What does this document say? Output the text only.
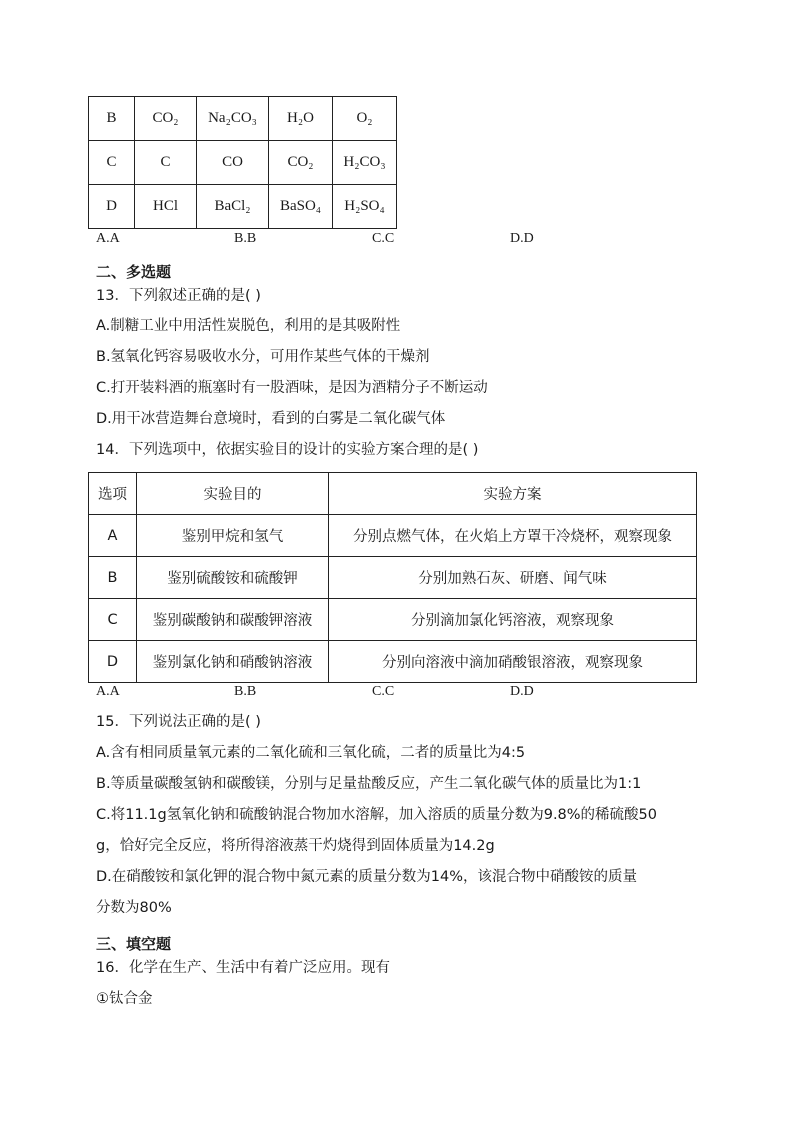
B	CO₂	Na₂CO₃	H₂O	O₂
C	C	CO	CO₂	H₂CO₃
D	HCl	BaCl₂	BaSO₄	H₂SO₄
A.A	B.B	C.C	D.D
二、多选题
13．下列叙述正确的是( )
A.制糖工业中用活性炭脱色，利用的是其吸附性
B.氢氧化钙容易吸收水分，可用作某些气体的干燥剂
C.打开装料酒的瓶塞时有一股酒味，是因为酒精分子不断运动
D.用干冰营造舞台意境时，看到的白雾是二氧化碳气体
14．下列选项中，依据实验目的设计的实验方案合理的是( )
选项	实验目的	实验方案
A	鉴别甲烷和氢气	分别点燃气体，在火焰上方罩干冷烧杯，观察现象
B	鉴别硫酸铵和硫酸钾	分别加熟石灰、研磨、闻气味
C	鉴别碳酸钠和碳酸钾溶液	分别滴加氯化钙溶液，观察现象
D	鉴别氯化钠和硝酸钠溶液	分别向溶液中滴加硝酸银溶液，观察现象
A.A	B.B	C.C	D.D
15．下列说法正确的是( )
A.含有相同质量氧元素的二氧化硫和三氧化硫，二者的质量比为4:5
B.等质量碳酸氢钠和碳酸镁，分别与足量盐酸反应，产生二氧化碳气体的质量比为1:1
C.将11.1g氢氧化钠和硫酸钠混合物加水溶解，加入溶质的质量分数为9.8%的稀硫酸50
g，恰好完全反应，将所得溶液蒸干灼烧得到固体质量为14.2g
D.在硝酸铵和氯化钾的混合物中氮元素的质量分数为14%，该混合物中硝酸铵的质量
分数为80%
三、填空题
16．化学在生产、生活中有着广泛应用。现有
①钛合金
